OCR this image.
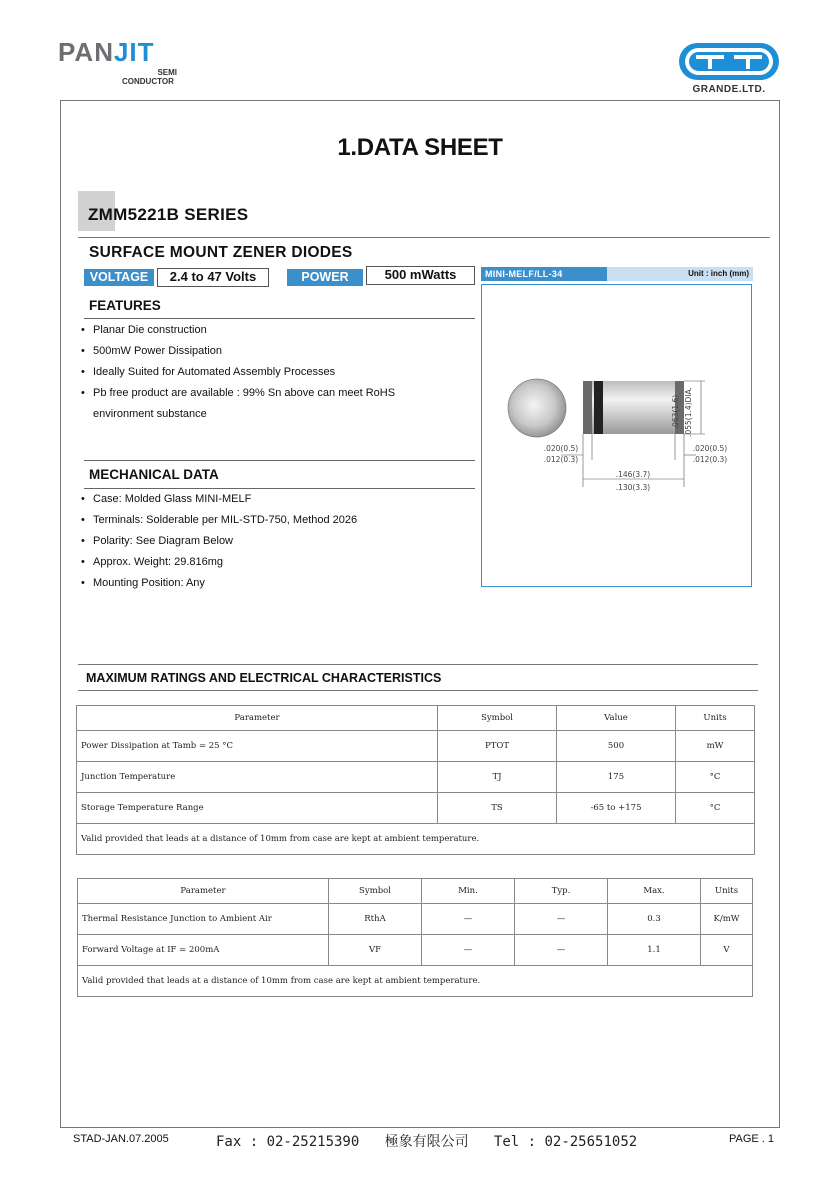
PANJIT
SEMI
CONDUCTOR
GRANDE.LTD.
1.DATA SHEET
ZMM5221B SERIES
SURFACE MOUNT ZENER DIODES
VOLTAGE	2.4 to 47 Volts	POWER	500 mWatts
FEATURES
• Planar Die construction
• 500mW Power Dissipation
• Ideally Suited for Automated Assembly Processes
• Pb free product are available : 99% Sn above can meet RoHS
environment substance
MECHANICAL DATA
• Case: Molded Glass MINI-MELF
• Terminals: Solderable per MIL-STD-750, Method 2026
• Polarity: See Diagram Below
• Approx. Weight: 29.816mg
• Mounting Position: Any
MINI-MELF/LL-34	Unit : inch (mm)
.063(1.6) .055(1.4)DIA.
.020(0.5)
.012(0.3)
.020(0.5)
.012(0.3)
.146(3.7)
.130(3.3)
MAXIMUM RATINGS AND ELECTRICAL CHARACTERISTICS
Parameter	Symbol	Value	Units
Power Dissipation at Tamb = 25 °C	PTOT	500	mW
Junction Temperature	TJ	175	°C
Storage Temperature Range	TS	-65 to +175	°C
Valid provided that leads at a distance of 10mm from case are kept at ambient temperature.			
Parameter	Symbol	Min.	Typ.	Max.	Units
Thermal Resistance Junction to Ambient Air	RthA	—	—	0.3	K/mW
Forward Voltage at IF = 200mA	VF	—	—	1.1	V
Valid provided that leads at a distance of 10mm from case are kept at ambient temperature.					
STAD-JAN.07.2005	Fax : 02-25215390 極象有限公司 Tel : 02-25651052	PAGE . 1
